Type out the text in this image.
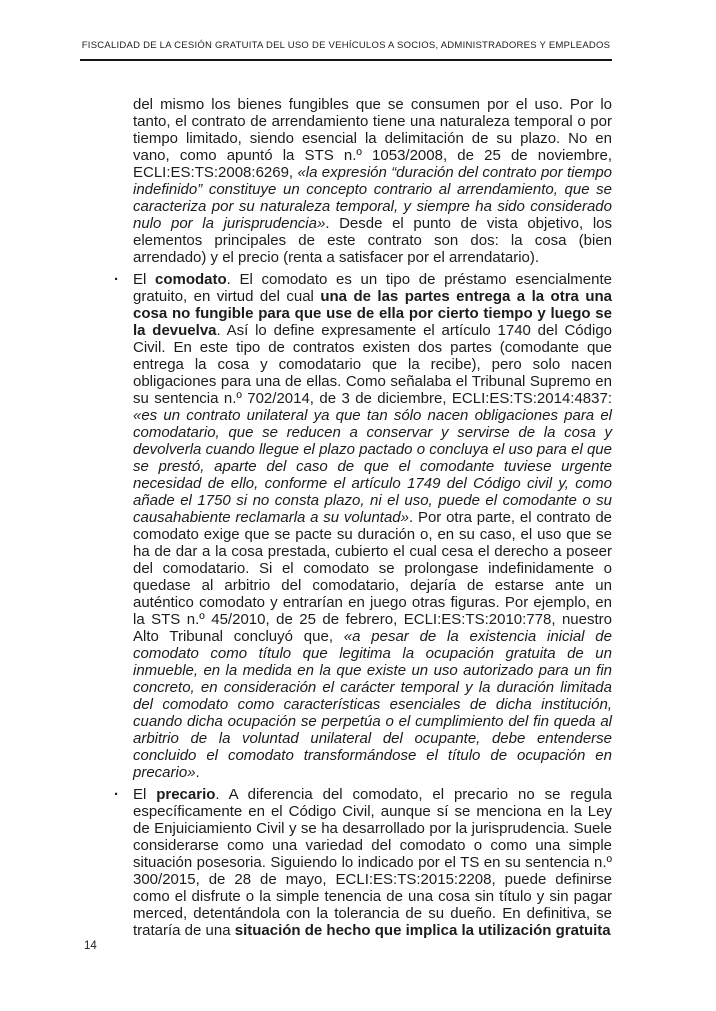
FISCALIDAD DE LA CESIÓN GRATUITA DEL USO DE VEHÍCULOS A SOCIOS, ADMINISTRADORES Y EMPLEADOS

del mismo los bienes fungibles que se consumen por el uso. Por lo tanto, el contrato de arrendamiento tiene una naturaleza temporal o por tiempo limitado, siendo esencial la delimitación de su plazo. No en vano, como apuntó la STS n.º 1053/2008, de 25 de noviembre, ECLI:ES:TS:2008:6269, «la expresión “duración del contrato por tiempo indefinido” constituye un concepto contrario al arrendamiento, que se caracteriza por su naturaleza temporal, y siempre ha sido considerado nulo por la jurisprudencia». Desde el punto de vista objetivo, los elementos principales de este contrato son dos: la cosa (bien arrendado) y el precio (renta a satisfacer por el arrendatario).

· El comodato. El comodato es un tipo de préstamo esencialmente gratuito, en virtud del cual una de las partes entrega a la otra una cosa no fungible para que use de ella por cierto tiempo y luego se la devuelva. Así lo define expresamente el artículo 1740 del Código Civil. En este tipo de contratos existen dos partes (comodante que entrega la cosa y comodatario que la recibe), pero solo nacen obligaciones para una de ellas. Como señalaba el Tribunal Supremo en su sentencia n.º 702/2014, de 3 de diciembre, ECLI:ES:TS:2014:4837: «es un contrato unilateral ya que tan sólo nacen obligaciones para el comodatario, que se reducen a conservar y servirse de la cosa y devolverla cuando llegue el plazo pactado o concluya el uso para el que se prestó, aparte del caso de que el comodante tuviese urgente necesidad de ello, conforme el artículo 1749 del Código civil y, como añade el 1750 si no consta plazo, ni el uso, puede el comodante o su causahabiente reclamarla a su voluntad». Por otra parte, el contrato de comodato exige que se pacte su duración o, en su caso, el uso que se ha de dar a la cosa prestada, cubierto el cual cesa el derecho a poseer del comodatario. Si el comodato se prolongase indefinidamente o quedase al arbitrio del comodatario, dejaría de estarse ante un auténtico comodato y entrarían en juego otras figuras. Por ejemplo, en la STS n.º 45/2010, de 25 de febrero, ECLI:ES:TS:2010:778, nuestro Alto Tribunal concluyó que, «a pesar de la existencia inicial de comodato como título que legitima la ocupación gratuita de un inmueble, en la medida en la que existe un uso autorizado para un fin concreto, en consideración el carácter temporal y la duración limitada del comodato como características esenciales de dicha institución, cuando dicha ocupación se perpetúa o el cumplimiento del fin queda al arbitrio de la voluntad unilateral del ocupante, debe entenderse concluido el comodato transformándose el título de ocupación en precario».

· El precario. A diferencia del comodato, el precario no se regula específicamente en el Código Civil, aunque sí se menciona en la Ley de Enjuiciamiento Civil y se ha desarrollado por la jurisprudencia. Suele considerarse como una variedad del comodato o como una simple situación posesoria. Siguiendo lo indicado por el TS en su sentencia n.º 300/2015, de 28 de mayo, ECLI:ES:TS:2015:2208, puede definirse como el disfrute o la simple tenencia de una cosa sin título y sin pagar merced, detentándola con la tolerancia de su dueño. En definitiva, se trataría de una situación de hecho que implica la utilización gratuita

14
